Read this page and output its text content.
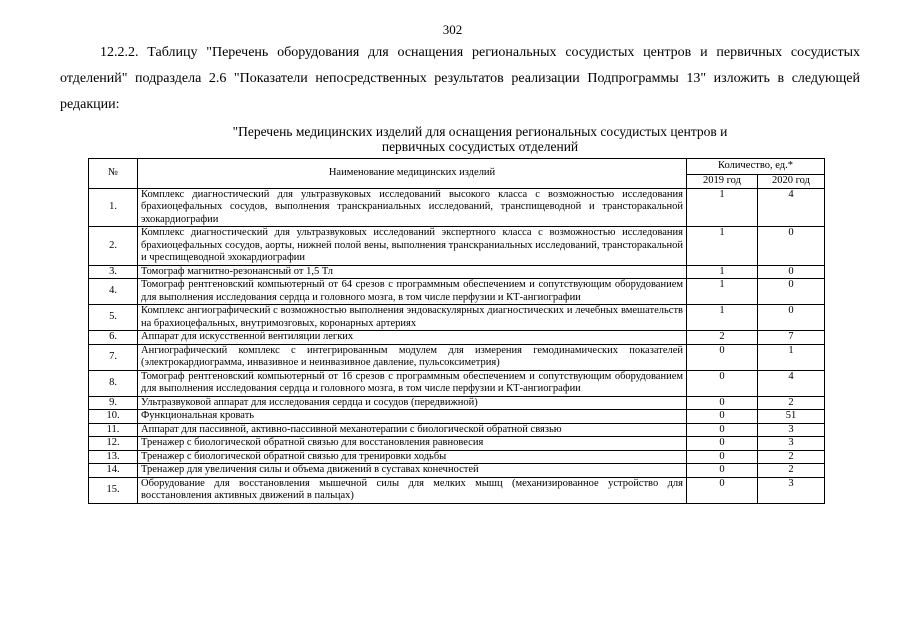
302
12.2.2. Таблицу "Перечень оборудования для оснащения региональных сосудистых центров и первичных сосудистых отделений" подраздела 2.6 "Показатели непосредственных результатов реализации Подпрограммы 13" изложить в следующей редакции:
"Перечень медицинских изделий для оснащения региональных сосудистых центров и
первичных сосудистых отделений
№	Наименование медицинских изделий	Количество, ед.*	
		2019 год	2020 год
1.	Комплекс диагностический для ультразвуковых исследований высокого класса с возможностью исследования брахиоцефальных сосудов, выполнения транскраниальных исследований, транспищеводной и трансторакальной эхокардиографии	1	4
2.	Комплекс диагностический для ультразвуковых исследований экспертного класса с возможностью исследования брахиоцефальных сосудов, аорты, нижней полой вены, выполнения транскраниальных исследований, трансторакальной и чреспищеводной эхокардиографии	1	0
3.	Томограф магнитно-резонансный от 1,5 Тл	1	0
4.	Томограф рентгеновский компьютерный от 64 срезов с программным обеспечением и сопутствующим оборудованием для выполнения исследования сердца и головного мозга, в том числе перфузии и КТ-ангиографии	1	0
5.	Комплекс ангиографический с возможностью выполнения эндоваскулярных диагностических и лечебных вмешательств на брахиоцефальных, внутримозговых, коронарных артериях	1	0
6.	Аппарат для искусственной вентиляции легких	2	7
7.	Ангиографический комплекс с интегрированным модулем для измерения гемодинамических показателей (электрокардиограмма, инвазивное и неинвазивное давление, пульсоксиметрия)	0	1
8.	Томограф рентгеновский компьютерный от 16 срезов с программным обеспечением и сопутствующим оборудованием для выполнения исследования сердца и головного мозга, в том числе перфузии и КТ-ангиографии	0	4
9.	Ультразвуковой аппарат для исследования сердца и сосудов (передвижной)	0	2
10.	Функциональная кровать	0	51
11.	Аппарат для пассивной, активно-пассивной механотерапии с биологической обратной связью	0	3
12.	Тренажер с биологической обратной связью для восстановления равновесия	0	3
13.	Тренажер с биологической обратной связью для тренировки ходьбы	0	2
14.	Тренажер для увеличения силы и объема движений в суставах конечностей	0	2
15.	Оборудование для восстановления мышечной силы для мелких мышц (механизированное устройство для восстановления активных движений в пальцах)	0	3
